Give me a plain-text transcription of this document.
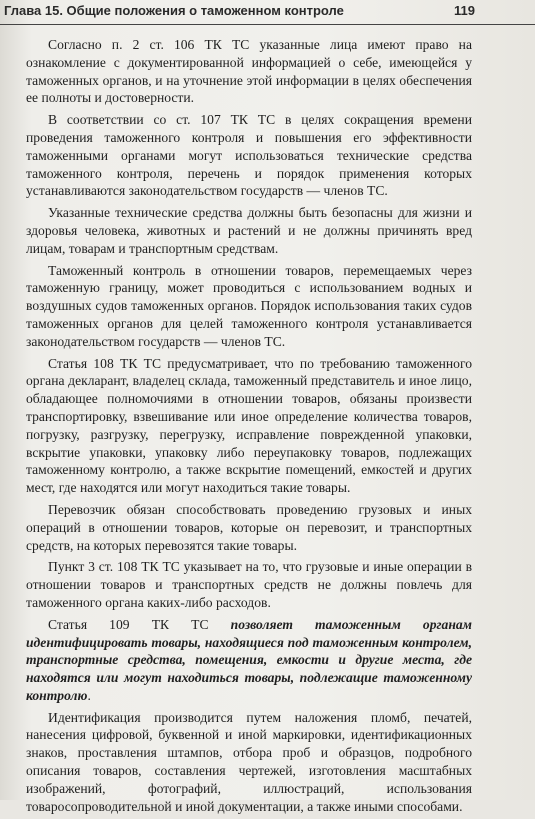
Глава 15. Общие положения о таможенном контроле	119

Согласно п. 2 ст. 106 ТК ТС указанные лица имеют право на ознакомление с документированной информацией о себе, имеющейся у таможенных органов, и на уточнение этой информации в целях обеспечения ее полноты и достоверности.

В соответствии со ст. 107 ТК ТС в целях сокращения времени проведения таможенного контроля и повышения его эффективности таможенными органами могут использоваться технические средства таможенного контроля, перечень и порядок применения которых устанавливаются законодательством государств — членов ТС.

Указанные технические средства должны быть безопасны для жизни и здоровья человека, животных и растений и не должны причинять вред лицам, товарам и транспортным средствам.

Таможенный контроль в отношении товаров, перемещаемых через таможенную границу, может проводиться с использованием водных и воздушных судов таможенных органов. Порядок использования таких судов таможенных органов для целей таможенного контроля устанавливается законодательством государств — членов ТС.

Статья 108 ТК ТС предусматривает, что по требованию таможенного органа декларант, владелец склада, таможенный представитель и иное лицо, обладающее полномочиями в отношении товаров, обязаны произвести транспортировку, взвешивание или иное определение количества товаров, погрузку, разгрузку, перегрузку, исправление поврежденной упаковки, вскрытие упаковки, упаковку либо переупаковку товаров, подлежащих таможенному контролю, а также вскрытие помещений, емкостей и других мест, где находятся или могут находиться такие товары.

Перевозчик обязан способствовать проведению грузовых и иных операций в отношении товаров, которые он перевозит, и транспортных средств, на которых перевозятся такие товары.

Пункт 3 ст. 108 ТК ТС указывает на то, что грузовые и иные операции в отношении товаров и транспортных средств не должны повлечь для таможенного органа каких-либо расходов.

Статья 109 ТК ТС позволяет таможенным органам идентифицировать товары, находящиеся под таможенным контролем, транспортные средства, помещения, емкости и другие места, где находятся или могут находиться товары, подлежащие таможенному контролю.

Идентификация производится путем наложения пломб, печатей, нанесения цифровой, буквенной и иной маркировки, идентификационных знаков, проставления штампов, отбора проб и образцов, подробного описания товаров, составления чертежей, изготовления масштабных изображений, фотографий, иллюстраций, использования товаросопроводительной и иной документации, а также иными способами.
